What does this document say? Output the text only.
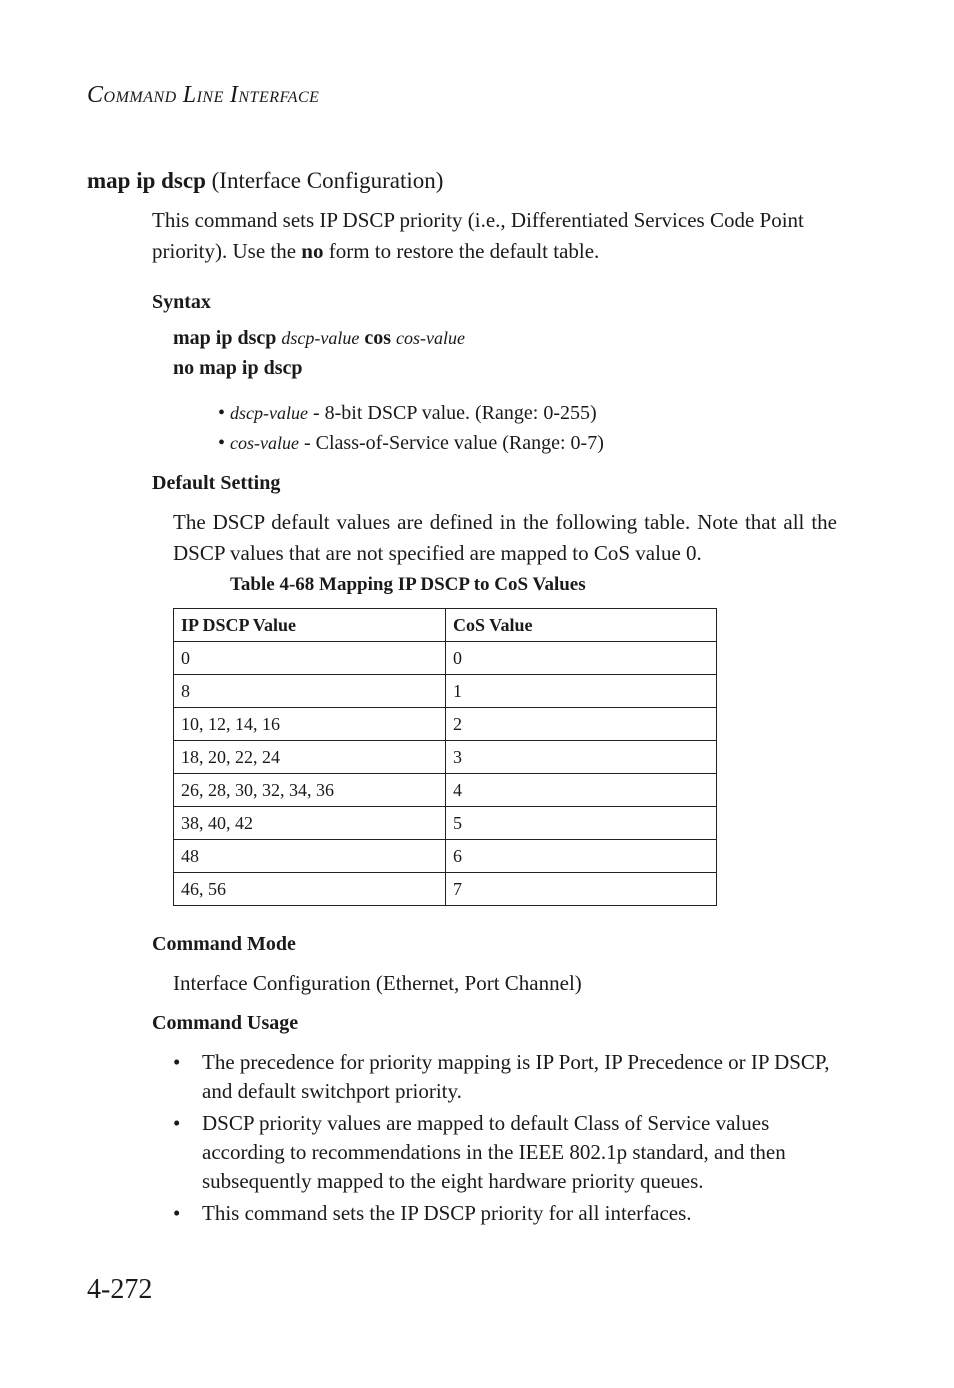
COMMAND LINE INTERFACE
map ip dscp (Interface Configuration)
This command sets IP DSCP priority (i.e., Differentiated Services Code Point priority). Use the no form to restore the default table.
Syntax
map ip dscp dscp-value cos cos-value
no map ip dscp
• dscp-value - 8-bit DSCP value. (Range: 0-255)
• cos-value - Class-of-Service value (Range: 0-7)
Default Setting
The DSCP default values are defined in the following table. Note that all the DSCP values that are not specified are mapped to CoS value 0.
Table 4-68 Mapping IP DSCP to CoS Values
IP DSCP Value	CoS Value
0	0
8	1
10, 12, 14, 16	2
18, 20, 22, 24	3
26, 28, 30, 32, 34, 36	4
38, 40, 42	5
48	6
46, 56	7
Command Mode
Interface Configuration (Ethernet, Port Channel)
Command Usage
• The precedence for priority mapping is IP Port, IP Precedence or IP DSCP, and default switchport priority.
• DSCP priority values are mapped to default Class of Service values according to recommendations in the IEEE 802.1p standard, and then subsequently mapped to the eight hardware priority queues.
• This command sets the IP DSCP priority for all interfaces.
4-272
